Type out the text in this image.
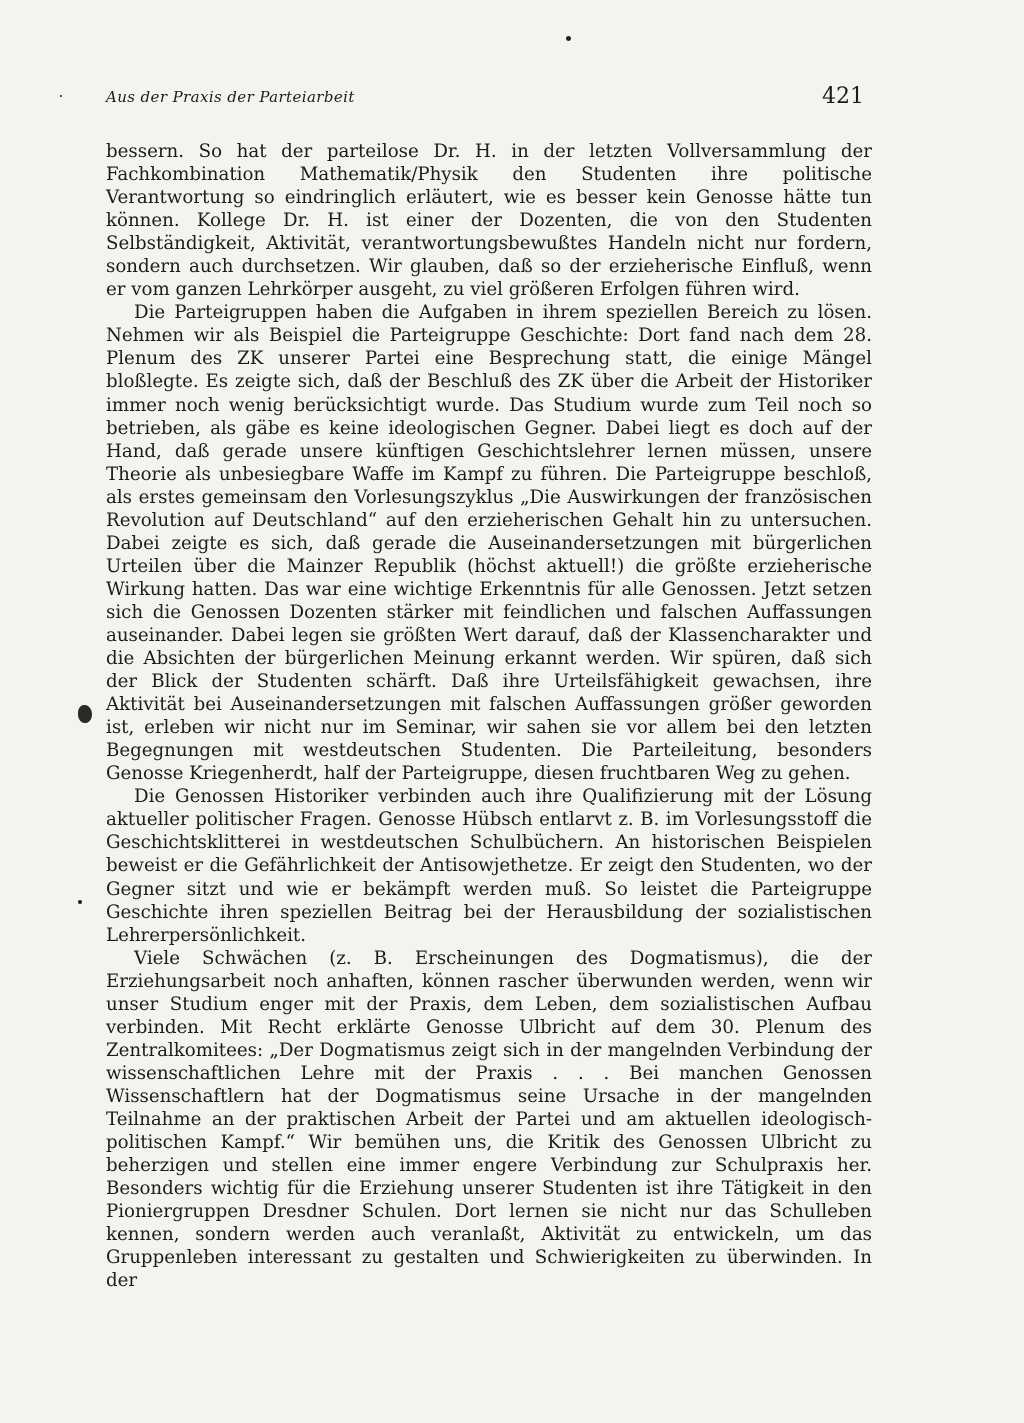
Aus der Praxis der Parteiarbeit	421

bessern. So hat der parteilose Dr. H. in der letzten Vollversammlung der Fachkombination Mathematik/Physik den Studenten ihre politische Verantwortung so eindringlich erläutert, wie es besser kein Genosse hätte tun können. Kollege Dr. H. ist einer der Dozenten, die von den Studenten Selbständigkeit, Aktivität, verantwortungsbewußtes Handeln nicht nur fordern, sondern auch durchsetzen. Wir glauben, daß so der erzieherische Einfluß, wenn er vom ganzen Lehrkörper ausgeht, zu viel größeren Erfolgen führen wird.

Die Parteigruppen haben die Aufgaben in ihrem speziellen Bereich zu lösen. Nehmen wir als Beispiel die Parteigruppe Geschichte: Dort fand nach dem 28. Plenum des ZK unserer Partei eine Besprechung statt, die einige Mängel bloßlegte. Es zeigte sich, daß der Beschluß des ZK über die Arbeit der Historiker immer noch wenig berücksichtigt wurde. Das Studium wurde zum Teil noch so betrieben, als gäbe es keine ideologischen Gegner. Dabei liegt es doch auf der Hand, daß gerade unsere künftigen Geschichtslehrer lernen müssen, unsere Theorie als unbesiegbare Waffe im Kampf zu führen. Die Parteigruppe beschloß, als erstes gemeinsam den Vorlesungszyklus „Die Auswirkungen der französischen Revolution auf Deutschland“ auf den erzieherischen Gehalt hin zu untersuchen. Dabei zeigte es sich, daß gerade die Auseinandersetzungen mit bürgerlichen Urteilen über die Mainzer Republik (höchst aktuell!) die größte erzieherische Wirkung hatten. Das war eine wichtige Erkenntnis für alle Genossen. Jetzt setzen sich die Genossen Dozenten stärker mit feindlichen und falschen Auffassungen auseinander. Dabei legen sie größten Wert darauf, daß der Klassencharakter und die Absichten der bürgerlichen Meinung erkannt werden. Wir spüren, daß sich der Blick der Studenten schärft. Daß ihre Urteilsfähigkeit gewachsen, ihre Aktivität bei Auseinandersetzungen mit falschen Auffassungen größer geworden ist, erleben wir nicht nur im Seminar, wir sahen sie vor allem bei den letzten Begegnungen mit westdeutschen Studenten. Die Parteileitung, besonders Genosse Kriegenherdt, half der Parteigruppe, diesen fruchtbaren Weg zu gehen.

Die Genossen Historiker verbinden auch ihre Qualifizierung mit der Lösung aktueller politischer Fragen. Genosse Hübsch entlarvt z. B. im Vorlesungsstoff die Geschichtsklitterei in westdeutschen Schulbüchern. An historischen Beispielen beweist er die Gefährlichkeit der Antisowjethetze. Er zeigt den Studenten, wo der Gegner sitzt und wie er bekämpft werden muß. So leistet die Parteigruppe Geschichte ihren speziellen Beitrag bei der Herausbildung der sozialistischen Lehrerpersönlichkeit.

Viele Schwächen (z. B. Erscheinungen des Dogmatismus), die der Erziehungsarbeit noch anhaften, können rascher überwunden werden, wenn wir unser Studium enger mit der Praxis, dem Leben, dem sozialistischen Aufbau verbinden. Mit Recht erklärte Genosse Ulbricht auf dem 30. Plenum des Zentralkomitees: „Der Dogmatismus zeigt sich in der mangelnden Verbindung der wissenschaftlichen Lehre mit der Praxis . . . Bei manchen Genossen Wissenschaftlern hat der Dogmatismus seine Ursache in der mangelnden Teilnahme an der praktischen Arbeit der Partei und am aktuellen ideologisch-politischen Kampf.“ Wir bemühen uns, die Kritik des Genossen Ulbricht zu beherzigen und stellen eine immer engere Verbindung zur Schulpraxis her. Besonders wichtig für die Erziehung unserer Studenten ist ihre Tätigkeit in den Pioniergruppen Dresdner Schulen. Dort lernen sie nicht nur das Schulleben kennen, sondern werden auch veranlaßt, Aktivität zu entwickeln, um das Gruppenleben interessant zu gestalten und Schwierigkeiten zu überwinden. In der
